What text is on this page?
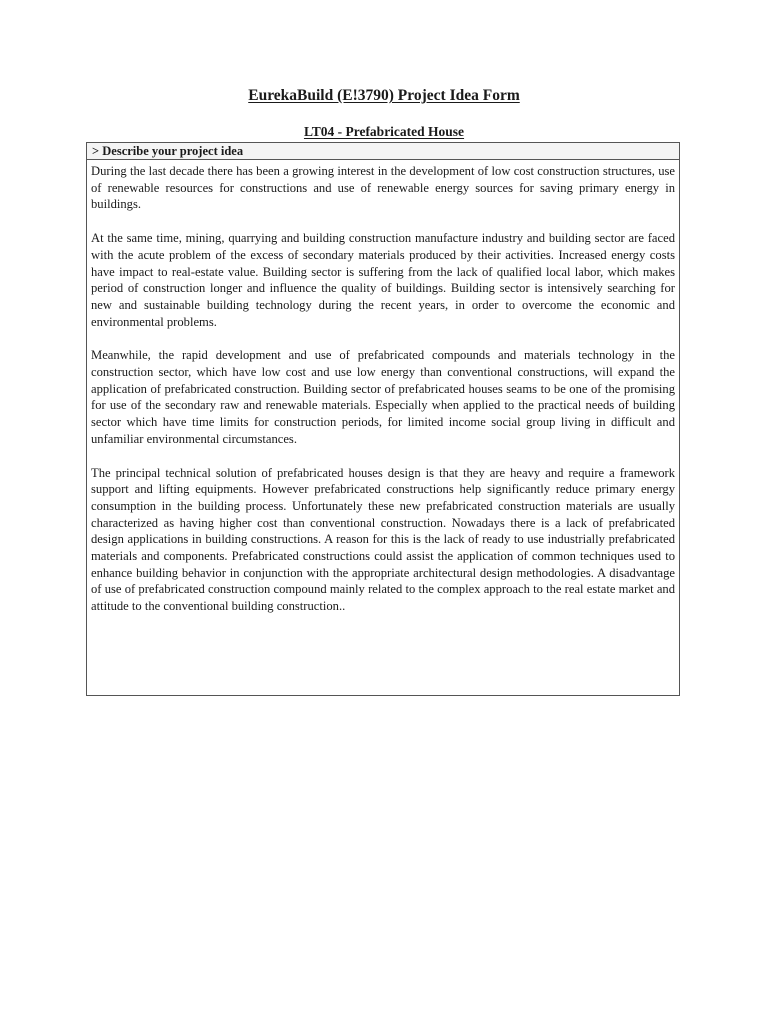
EurekaBuild (E!3790) Project Idea Form
LT04 - Prefabricated House
> Describe your project idea

During the last decade there has been a growing interest in the development of low cost construction structures, use of renewable resources for constructions and use of renewable energy sources for saving primary energy in buildings.

At the same time, mining, quarrying and building construction manufacture industry and building sector are faced with the acute problem of the excess of secondary materials produced by their activities. Increased energy costs have impact to real-estate value. Building sector is suffering from the lack of qualified local labor, which makes period of construction longer and influence the quality of buildings. Building sector is intensively searching for new and sustainable building technology during the recent years, in order to overcome the economic and environmental problems.

Meanwhile, the rapid development and use of prefabricated compounds and materials technology in the construction sector, which have low cost and use low energy than conventional constructions, will expand the application of prefabricated construction. Building sector of prefabricated houses seams to be one of the promising for use of the secondary raw and renewable materials. Especially when applied to the practical needs of building sector which have time limits for construction periods, for limited income social group living in difficult and unfamiliar environmental circumstances.

The principal technical solution of prefabricated houses design is that they are heavy and require a framework support and lifting equipments. However prefabricated constructions help significantly reduce primary energy consumption in the building process. Unfortunately these new prefabricated construction materials are usually characterized as having higher cost than conventional construction. Nowadays there is a lack of prefabricated design applications in building constructions. A reason for this is the lack of ready to use industrially prefabricated materials and components. Prefabricated constructions could assist the application of common techniques used to enhance building behavior in conjunction with the appropriate architectural design methodologies. A disadvantage of use of prefabricated construction compound mainly related to the complex approach to the real estate market and attitude to the conventional building construction..
